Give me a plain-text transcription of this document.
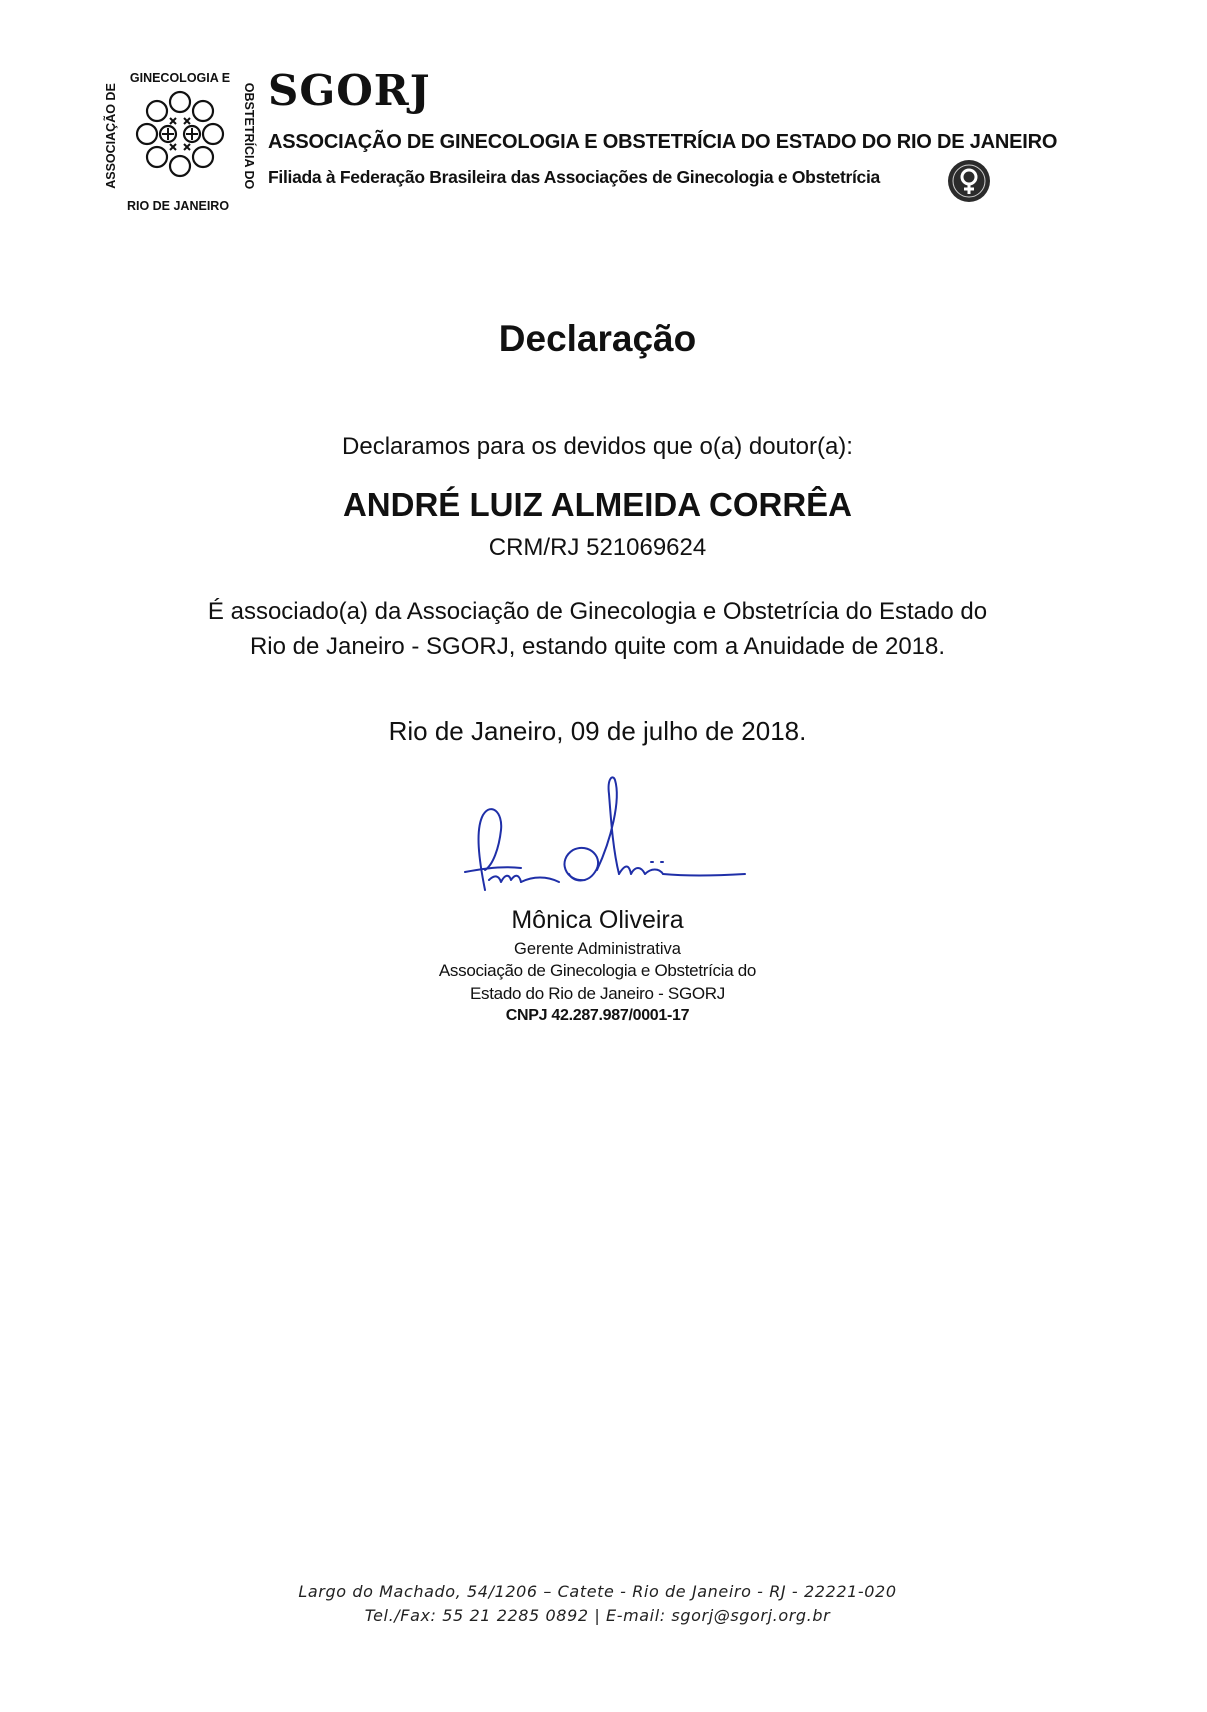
GINECOLOGIA E
RIO DE JANEIRO
ASSOCIAÇÃO DE	OBSTETRÍCIA DO SGORJ
ASSOCIAÇÃO DE GINECOLOGIA E OBSTETRÍCIA DO ESTADO DO RIO DE JANEIRO
Filiada à Federação Brasileira das Associações de Ginecologia e Obstetrícia
Declaração
Declaramos para os devidos que o(a) doutor(a):
ANDRÉ LUIZ ALMEIDA CORRÊA
CRM/RJ 521069624
É associado(a) da Associação de Ginecologia e Obstetrícia do Estado do
Rio de Janeiro - SGORJ, estando quite com a Anuidade de 2018.
Rio de Janeiro, 09 de julho de 2018.
Mônica Oliveira
Gerente Administrativa
Associação de Ginecologia e Obstetrícia do
Estado do Rio de Janeiro - SGORJ
CNPJ 42.287.987/0001-17
Largo do Machado, 54/1206 – Catete - Rio de Janeiro - RJ - 22221-020
Tel./Fax: 55 21 2285 0892 | E-mail: sgorj@sgorj.org.br
